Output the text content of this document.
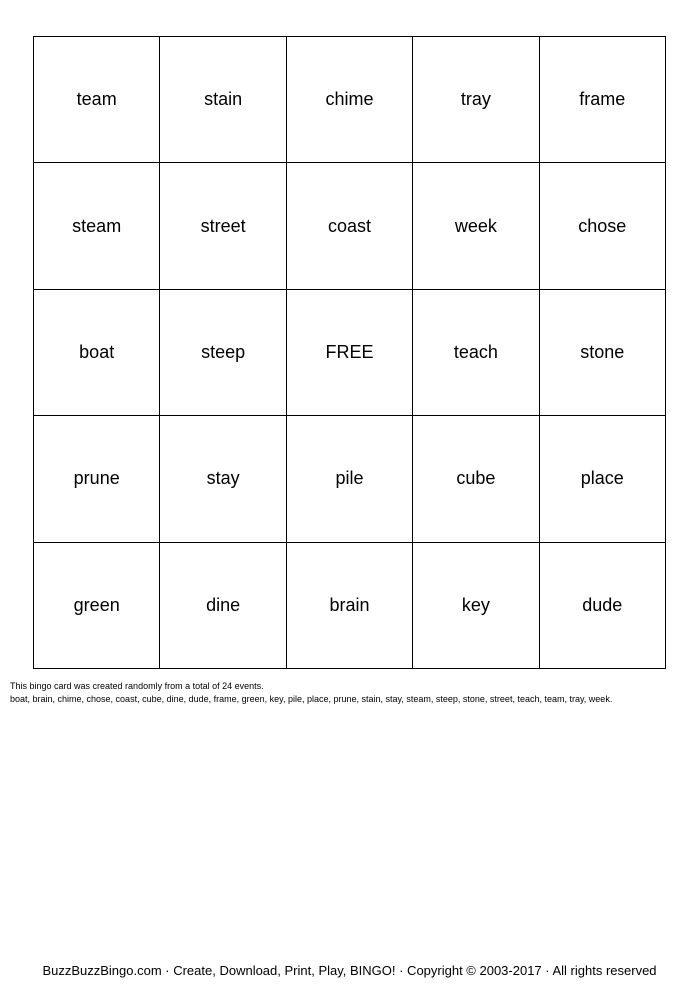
team	stain	chime	tray	frame
steam	street	coast	week	chose
boat	steep	FREE	teach	stone
prune	stay	pile	cube	place
green	dine	brain	key	dude
This bingo card was created randomly from a total of 24 events.
boat, brain, chime, chose, coast, cube, dine, dude, frame, green, key, pile, place, prune, stain, stay, steam, steep, stone, street, teach, team, tray, week.
BuzzBuzzBingo.com · Create, Download, Print, Play, BINGO! · Copyright © 2003-2017 · All rights reserved
